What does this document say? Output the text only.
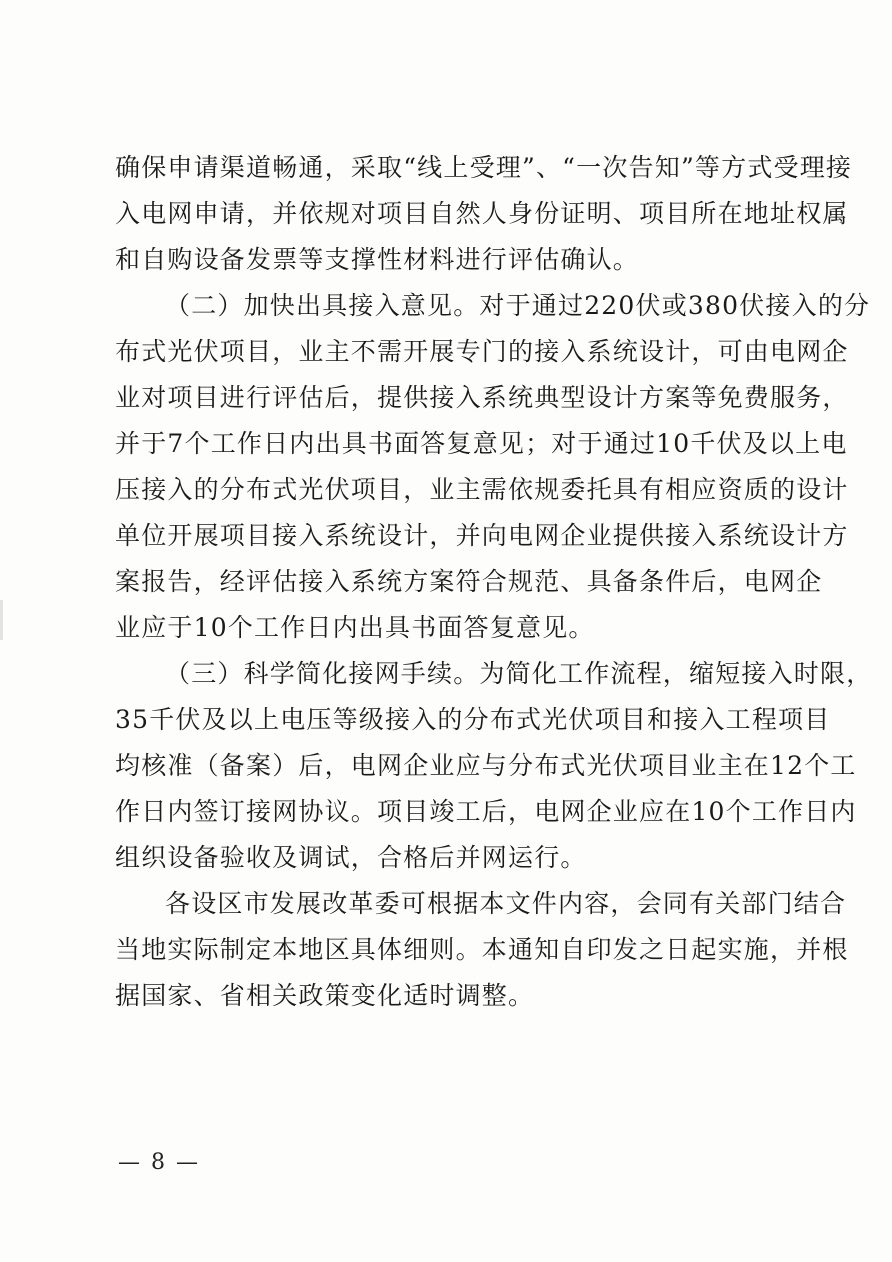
确保申请渠道畅通，采取“线上受理”、“一次告知”等方式受理接
入电网申请，并依规对项目自然人身份证明、项目所在地址权属
和自购设备发票等支撑性材料进行评估确认。
（二）加快出具接入意见。对于通过220伏或380伏接入的分
布式光伏项目，业主不需开展专门的接入系统设计，可由电网企
业对项目进行评估后，提供接入系统典型设计方案等免费服务，
并于7个工作日内出具书面答复意见；对于通过10千伏及以上电
压接入的分布式光伏项目，业主需依规委托具有相应资质的设计
单位开展项目接入系统设计，并向电网企业提供接入系统设计方
案报告，经评估接入系统方案符合规范、具备条件后，电网企
业应于10个工作日内出具书面答复意见。
（三）科学简化接网手续。为简化工作流程，缩短接入时限，
35千伏及以上电压等级接入的分布式光伏项目和接入工程项目
均核准（备案）后，电网企业应与分布式光伏项目业主在12个工
作日内签订接网协议。项目竣工后，电网企业应在10个工作日内
组织设备验收及调试，合格后并网运行。
各设区市发展改革委可根据本文件内容，会同有关部门结合
当地实际制定本地区具体细则。本通知自印发之日起实施，并根
据国家、省相关政策变化适时调整。
— 8 —
